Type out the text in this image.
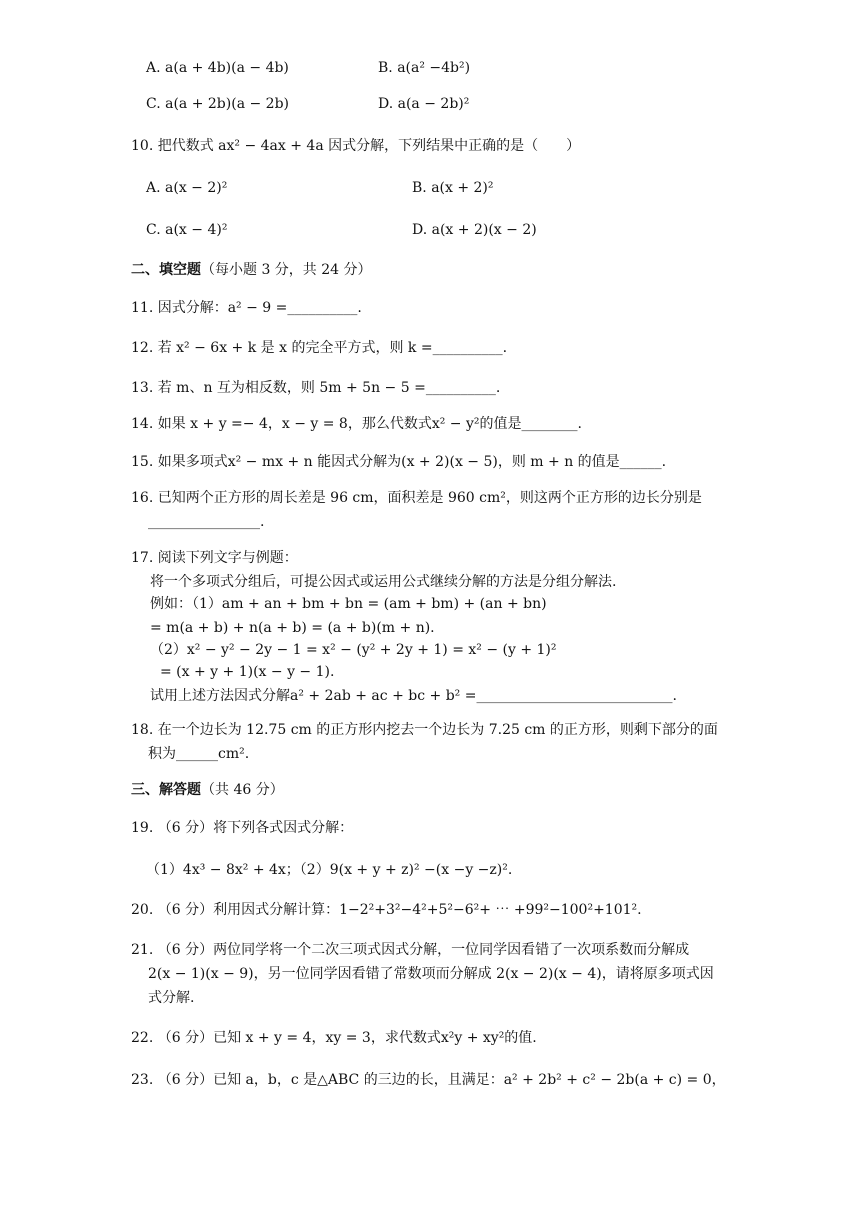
A. a(a + 4b)(a − 4b)	B. a(a² −4b²)
C. a(a + 2b)(a − 2b)	D. a(a − 2b)²
10. 把代数式 ax² − 4ax + 4a 因式分解，下列结果中正确的是（　　）
A. a(x − 2)²	B. a(x + 2)²
C. a(x − 4)²	D. a(x + 2)(x − 2)
二、填空题（每小题 3 分，共 24 分）
11. 因式分解：a² − 9 =__________.
12. 若 x² − 6x + k 是 x 的完全平方式，则 k =__________.
13. 若 m、n 互为相反数，则 5m + 5n − 5 =__________.
14. 如果 x + y =− 4，x − y = 8，那么代数式x² − y²的值是________.
15. 如果多项式x² − mx + n 能因式分解为(x + 2)(x − 5)，则 m + n 的值是______.
16. 已知两个正方形的周长差是 96 cm，面积差是 960 cm²，则这两个正方形的边长分别是
________________.
17. 阅读下列文字与例题：
将一个多项式分组后，可提公因式或运用公式继续分解的方法是分组分解法.
例如：（1）am + an + bm + bn = (am + bm) + (an + bn)
= m(a + b) + n(a + b) = (a + b)(m + n).
（2）x² − y² − 2y − 1 = x² − (y² + 2y + 1) = x² − (y + 1)²
= (x + y + 1)(x − y − 1).
试用上述方法因式分解a² + 2ab + ac + bc + b² =____________________________.
18. 在一个边长为 12.75 cm 的正方形内挖去一个边长为 7.25 cm 的正方形，则剩下部分的面
积为______cm².
三、解答题（共 46 分）
19. （6 分）将下列各式因式分解：
（1）4x³ − 8x² + 4x；（2）9(x + y + z)² −(x −y −z)².
20. （6 分）利用因式分解计算：1−2²+3²−4²+5²−6²+ ⋯ +99²−100²+101².
21. （6 分）两位同学将一个二次三项式因式分解，一位同学因看错了一次项系数而分解成
2(x − 1)(x − 9)，另一位同学因看错了常数项而分解成 2(x − 2)(x − 4)，请将原多项式因
式分解.
22. （6 分）已知 x + y = 4，xy = 3，求代数式x²y + xy²的值.
23. （6 分）已知 a，b，c 是△ABC 的三边的长，且满足：a² + 2b² + c² − 2b(a + c) = 0，
